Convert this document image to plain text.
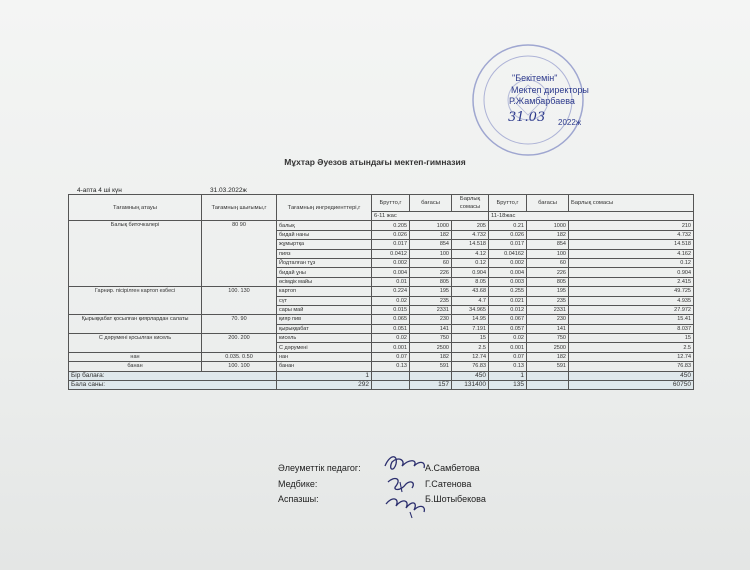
"Бекітемін"
Мектеп директоры
Р.Жамбарбаева
31.03 2022ж
Мұхтар Әуезов атындағы мектеп-гимназия
4-апта 4 ші күн	31.03.2022ж
Тағамның атауы	Тағамның шығымы,г	Тағамның ингредиенттері,г	Брутто,г	бағасы	Барлық сомасы	Брутто,г	бағасы	Барлық сомасы
			6-11 жас			11-18жас		
Балық биточкалері	80 90	балық	0.205	1000	205	0.21	1000	210
		бидай наны	0.026	182	4.732	0.026	182	4.732
		жұмыртқа	0.017	854	14.518	0.017	854	14.518
		пияз	0.0412	100	4.12	0.04162	100	4.162
		Йодталған тұз	0.002	60	0.12	0.002	60	0.12
		бидай ұны	0.004	226	0.904	0.004	226	0.904
		өсімдік майы	0.01	805	8.05	0.003	805	2.415
Гарнир. пісірілген картоп езбесі	100. 130	картоп	0.224	195	43.68	0.255	195	49.725
		сүт	0.02	235	4.7	0.021	235	4.935
		сары май	0.015	2331	34.965	0.012	2331	27.972
Қырыққабат қосылған қиярлардан салаты	70. 90	қияр пив	0.065	230	14.95	0.067	230	15.41
		қырыққабат	0.051	141	7.191	0.057	141	8.037
С дәрумені қосылған кисель	200. 200	кисель	0.02	750	15	0.02	750	15
		С дәрумені	0.001	2500	2.5	0.001	2500	2.5
нан	0.035. 0.50	нан	0.07	182	12.74	0.07	182	12.74
банан	100. 100	банан	0.13	591	76.83	0.13	591	76.83
Бір балаға:		1			450	1		450
Бала саны:		292		157	131400	135		60750
Әлеуметтік педагог:	А.Самбетова
Медбике:	Г.Сатенова
Аспазшы:	Б.Шотыбекова
